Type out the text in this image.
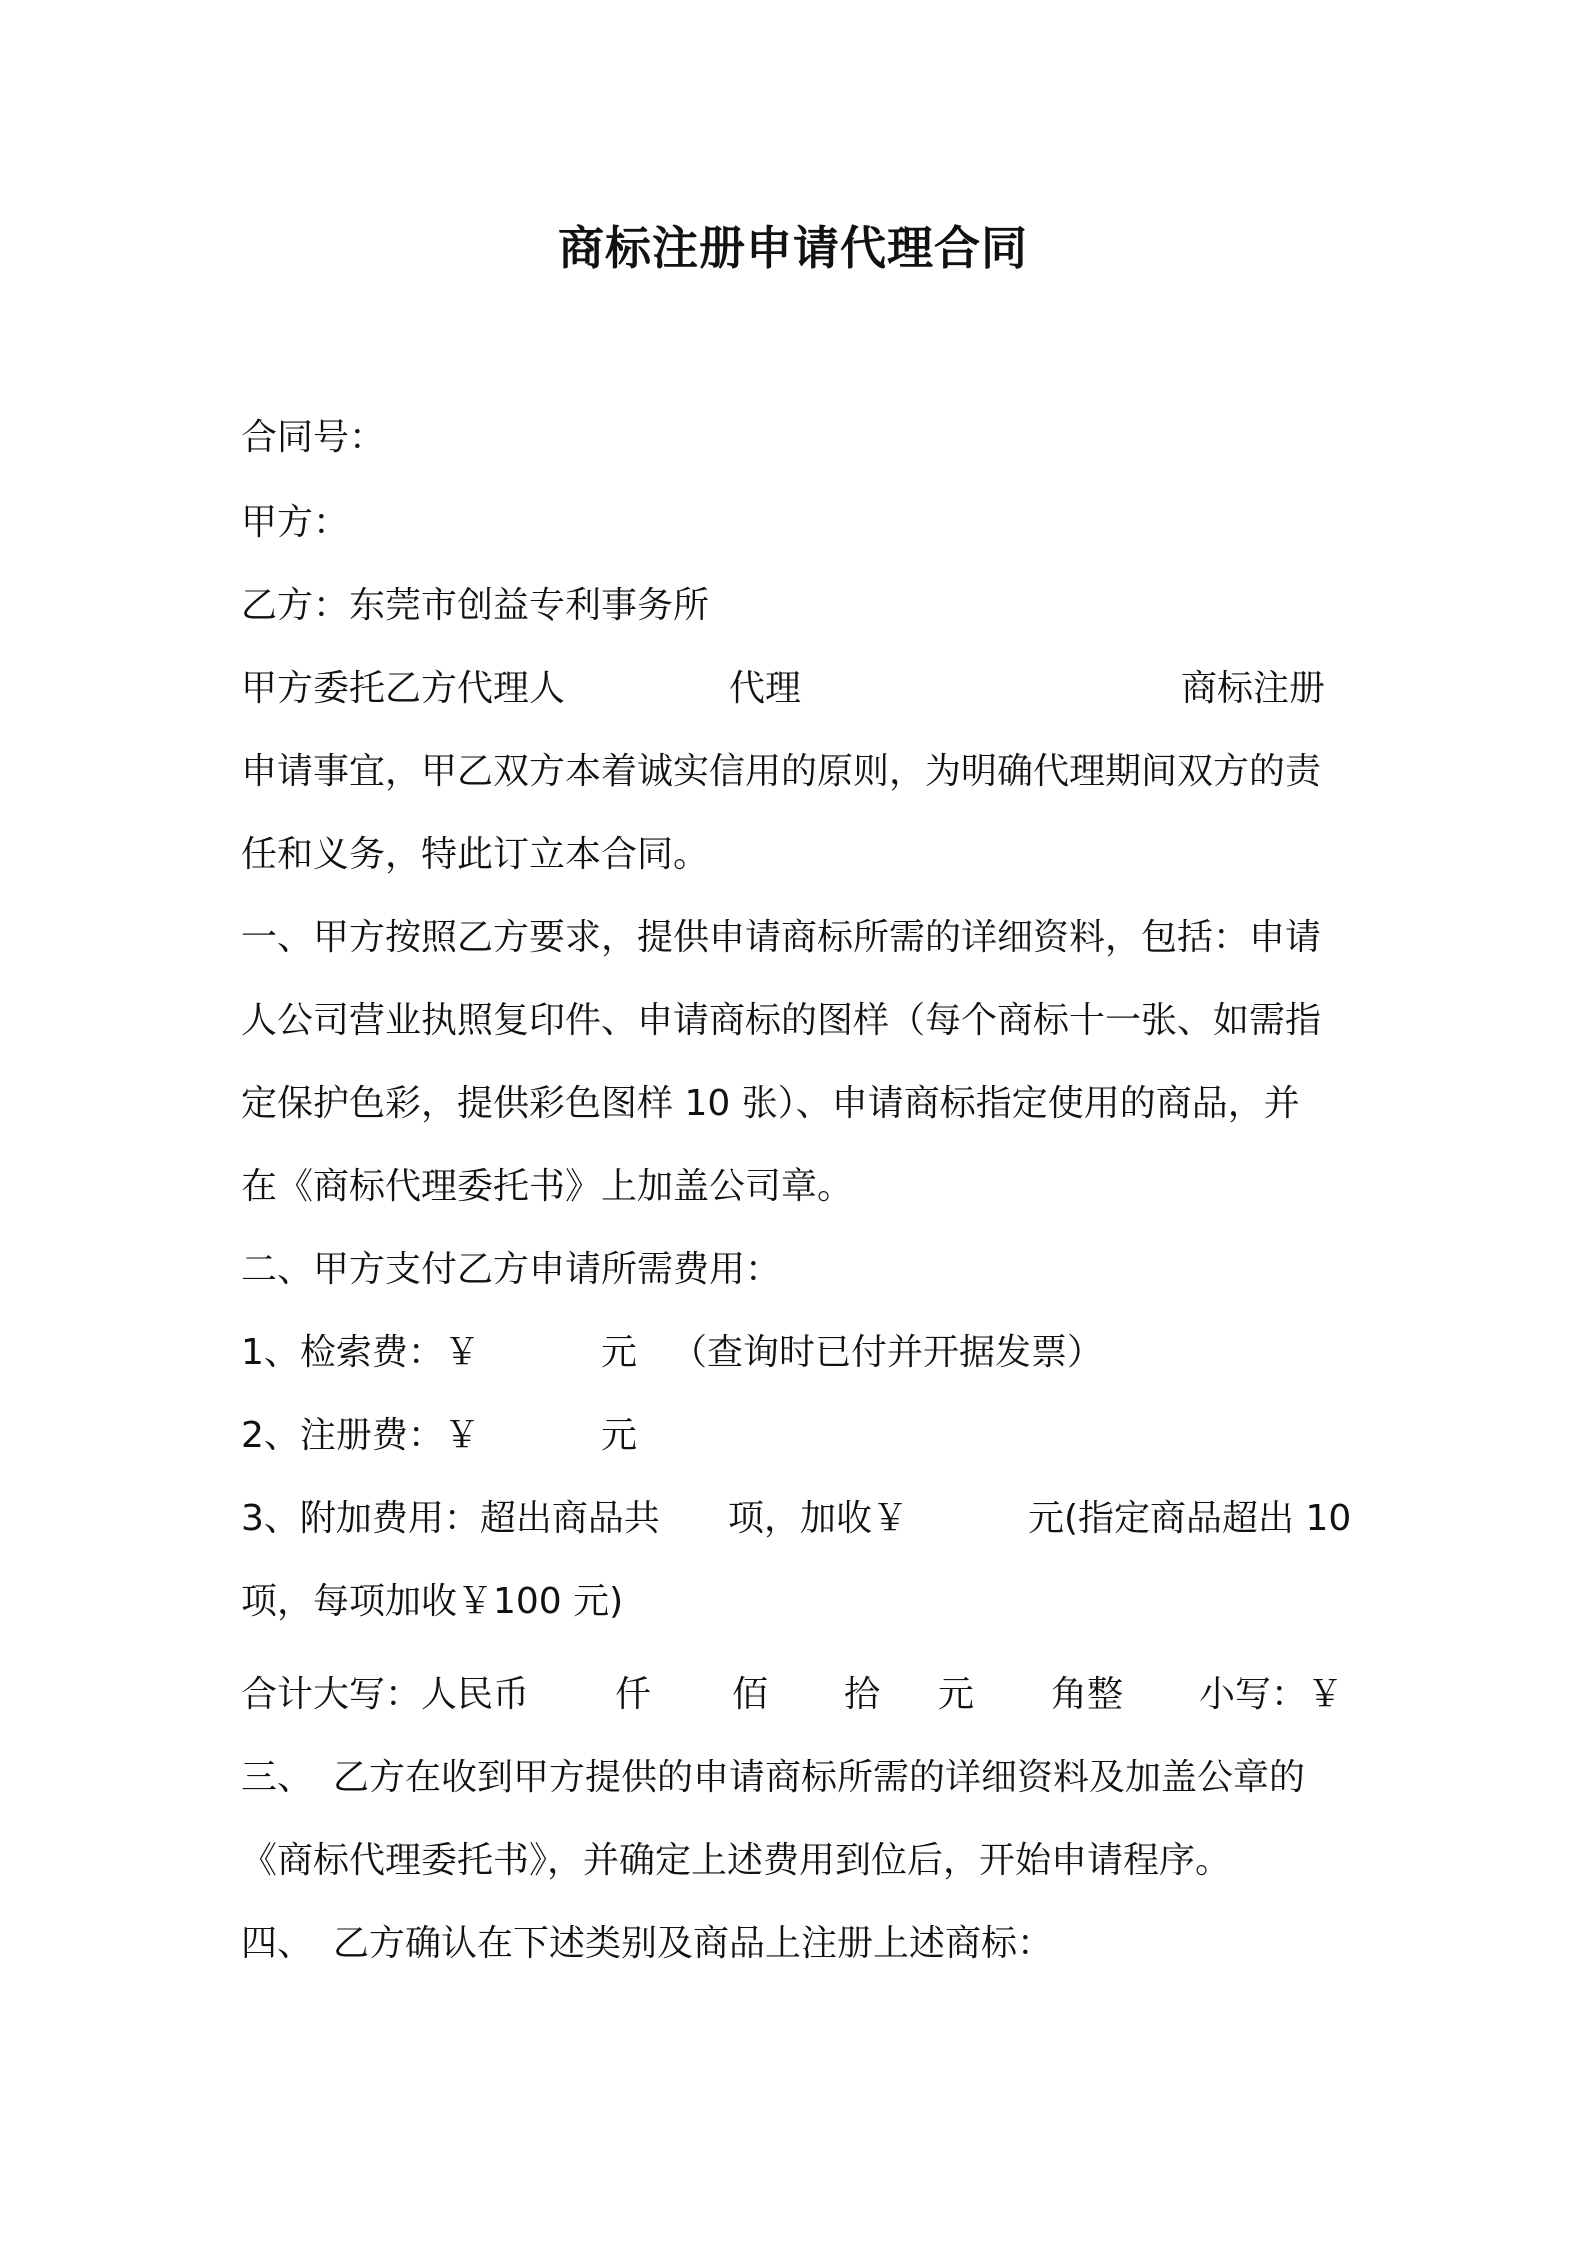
商标注册申请代理合同
合同号：
甲方：
乙方：东莞市创益专利事务所
甲方委托乙方代理人	代理	商标注册
申请事宜，甲乙双方本着诚实信用的原则，为明确代理期间双方的责
任和义务，特此订立本合同。
一、甲方按照乙方要求，提供申请商标所需的详细资料，包括：申请
人公司营业执照复印件、申请商标的图样（每个商标十一张、如需指
定保护色彩，提供彩色图样 10 张）、申请商标指定使用的商品，并
在《商标代理委托书》上加盖公司章。
二、甲方支付乙方申请所需费用：
1、检索费：￥	元 （查询时已付并开据发票）
2、注册费：￥	元
3、附加费用：超出商品共 项，加收￥	元(指定商品超出 10
项，每项加收￥100 元)
合计大写：人民币 仟 佰 拾 元 角整 小写：￥
三、 乙方在收到甲方提供的申请商标所需的详细资料及加盖公章的
《商标代理委托书》，并确定上述费用到位后，开始申请程序。
四、 乙方确认在下述类别及商品上注册上述商标：
